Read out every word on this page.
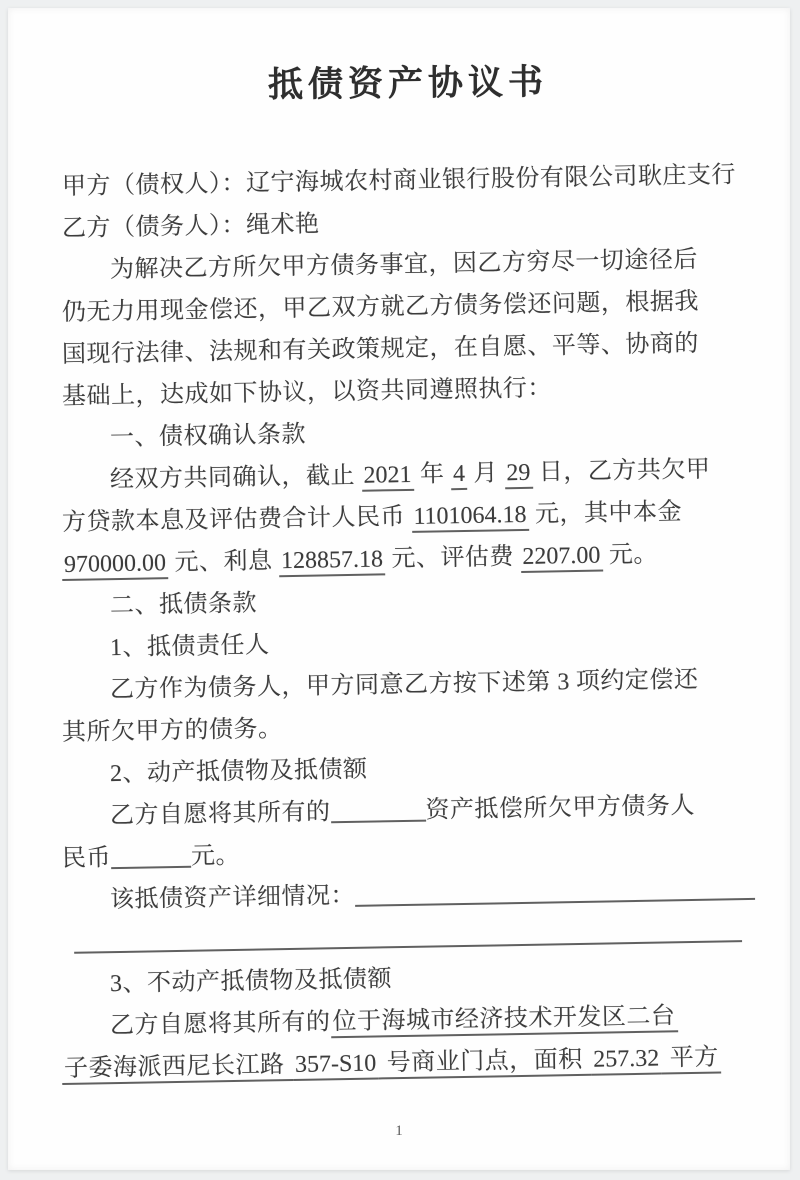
抵债资产协议书
甲方（债权人）：辽宁海城农村商业银行股份有限公司耿庄支行
乙方（债务人）：绳术艳
为解决乙方所欠甲方债务事宜，因乙方穷尽一切途径后
仍无力用现金偿还，甲乙双方就乙方债务偿还问题，根据我
国现行法律、法规和有关政策规定，在自愿、平等、协商的
基础上，达成如下协议，以资共同遵照执行：
一、债权确认条款
经双方共同确认，截止 2021 年 4 月 29 日，乙方共欠甲
方贷款本息及评估费合计人民币 1101064.18 元，其中本金
970000.00 元、利息 128857.18 元、评估费 2207.00 元。
二、抵债条款
1、抵债责任人
乙方作为债务人，甲方同意乙方按下述第 3 项约定偿还
其所欠甲方的债务。
2、动产抵债物及抵债额
乙方自愿将其所有的	资产抵偿所欠甲方债务人
民币	元。
该抵债资产详细情况：
3、不动产抵债物及抵债额
乙方自愿将其所有的位于海城市经济技术开发区二台
子委海派西尼长江路 357-S10 号商业门点，面积 257.32 平方
1
